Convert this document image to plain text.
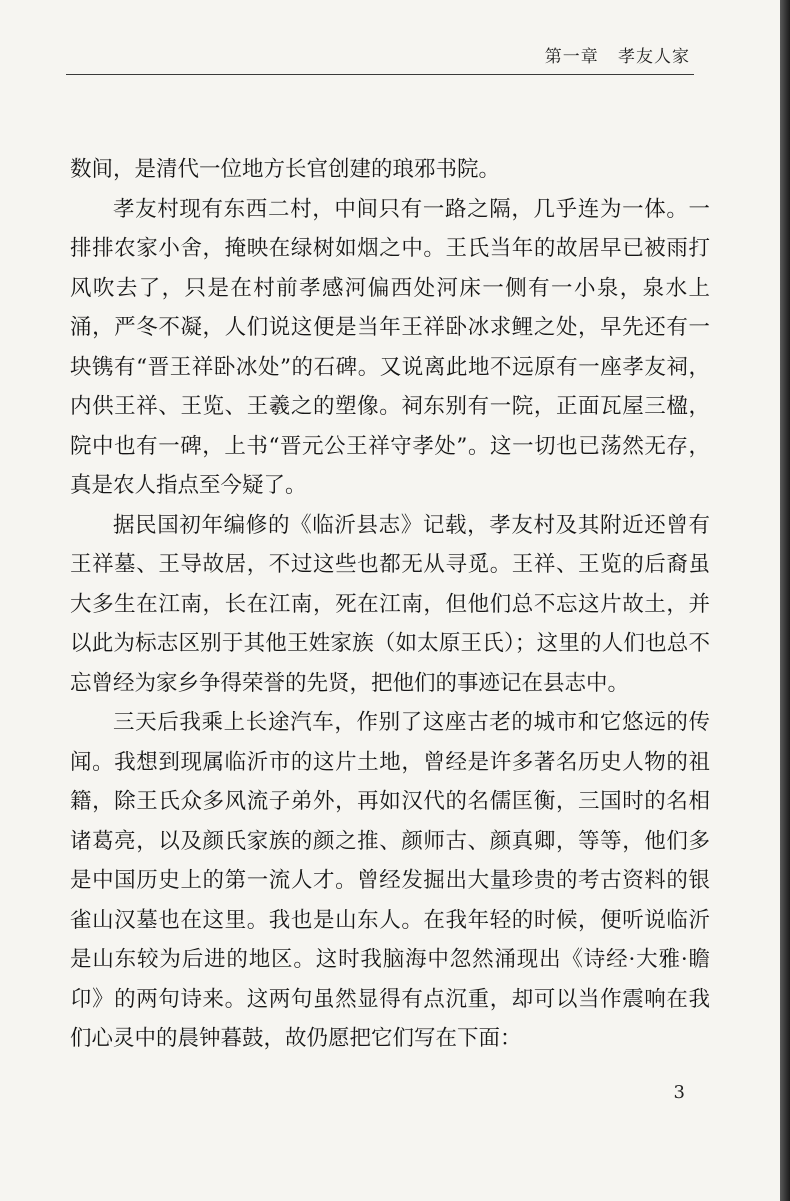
第一章 孝友人家

数间，是清代一位地方长官创建的琅邪书院。

孝友村现有东西二村，中间只有一路之隔，几乎连为一体。一排排农家小舍，掩映在绿树如烟之中。王氏当年的故居早已被雨打风吹去了，只是在村前孝感河偏西处河床一侧有一小泉，泉水上涌，严冬不凝，人们说这便是当年王祥卧冰求鲤之处，早先还有一块镌有“晋王祥卧冰处”的石碑。又说离此地不远原有一座孝友祠，内供王祥、王览、王羲之的塑像。祠东别有一院，正面瓦屋三楹，院中也有一碑，上书“晋元公王祥守孝处”。这一切也已荡然无存，真是农人指点至今疑了。

据民国初年编修的《临沂县志》记载，孝友村及其附近还曾有王祥墓、王导故居，不过这些也都无从寻觅。王祥、王览的后裔虽大多生在江南，长在江南，死在江南，但他们总不忘这片故土，并以此为标志区别于其他王姓家族（如太原王氏）；这里的人们也总不忘曾经为家乡争得荣誉的先贤，把他们的事迹记在县志中。

三天后我乘上长途汽车，作别了这座古老的城市和它悠远的传闻。我想到现属临沂市的这片土地，曾经是许多著名历史人物的祖籍，除王氏众多风流子弟外，再如汉代的名儒匡衡，三国时的名相诸葛亮，以及颜氏家族的颜之推、颜师古、颜真卿，等等，他们多是中国历史上的第一流人才。曾经发掘出大量珍贵的考古资料的银雀山汉墓也在这里。我也是山东人。在我年轻的时候，便听说临沂是山东较为后进的地区。这时我脑海中忽然涌现出《诗经·大雅·瞻卬》的两句诗来。这两句虽然显得有点沉重，却可以当作震响在我们心灵中的晨钟暮鼓，故仍愿把它们写在下面：

3
